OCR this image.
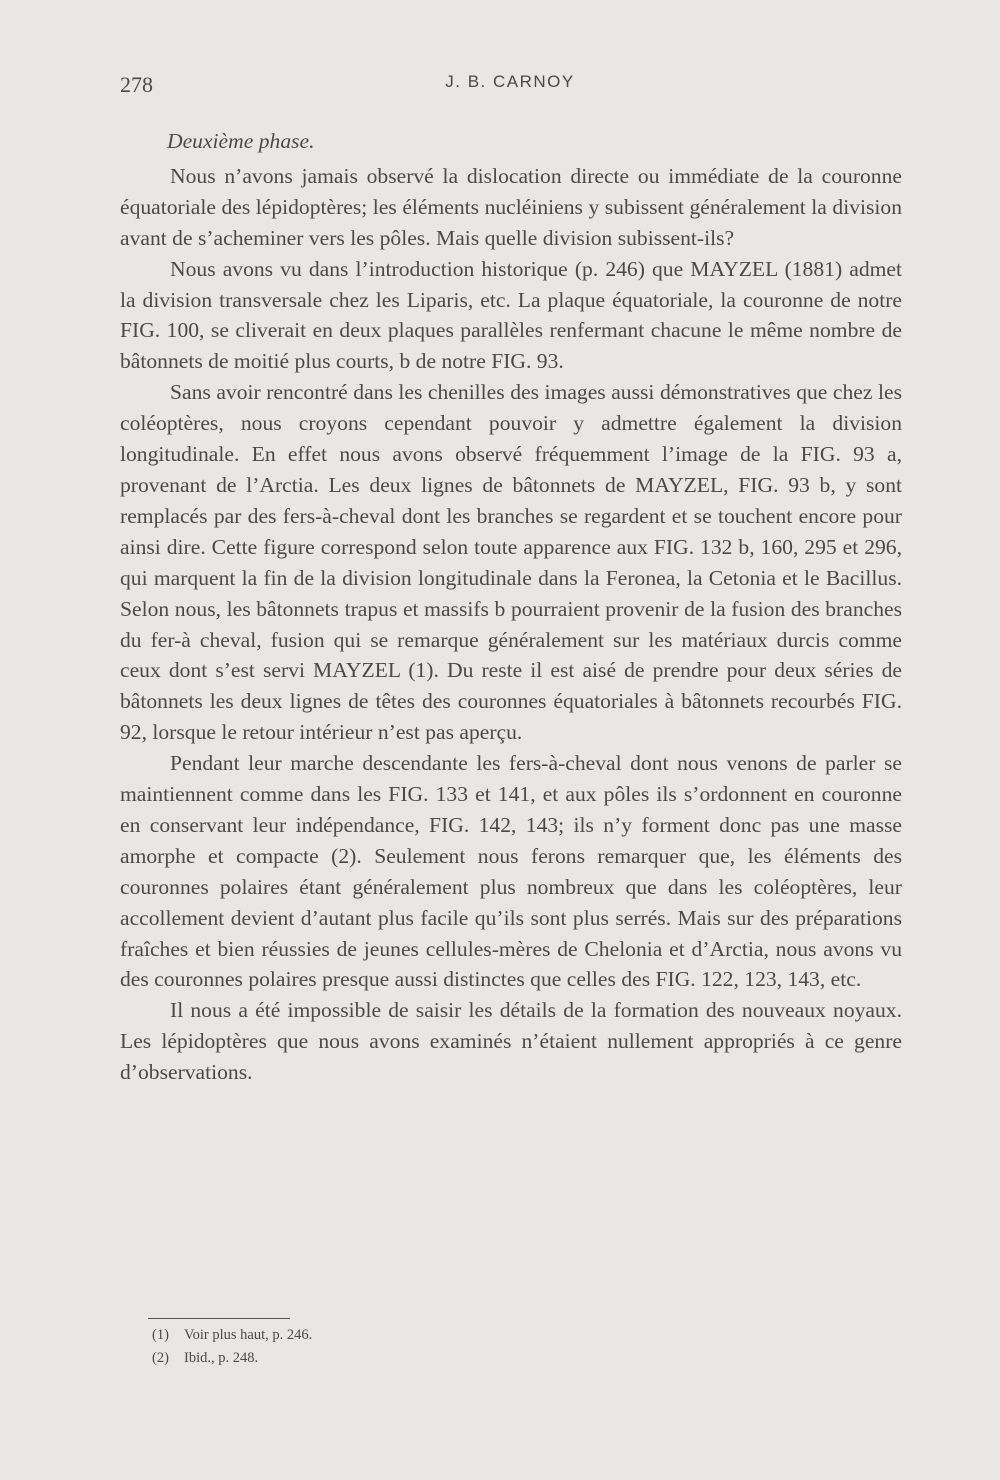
278	J. B. CARNOY

Deuxième phase.

Nous n’avons jamais observé la dislocation directe ou immédiate de la couronne équatoriale des lépidoptères; les éléments nucléiniens y subissent généralement la division avant de s’acheminer vers les pôles. Mais quelle division subissent-ils?

Nous avons vu dans l’introduction historique (p. 246) que MAYZEL (1881) admet la division transversale chez les Liparis, etc. La plaque équatoriale, la couronne de notre FIG. 100, se cliverait en deux plaques parallèles renfermant chacune le même nombre de bâtonnets de moitié plus courts, b de notre FIG. 93.

Sans avoir rencontré dans les chenilles des images aussi démonstratives que chez les coléoptères, nous croyons cependant pouvoir y admettre également la division longitudinale. En effet nous avons observé fréquemment l’image de la FIG. 93 a, provenant de l’Arctia. Les deux lignes de bâtonnets de MAYZEL, FIG. 93 b, y sont remplacés par des fers-à-cheval dont les branches se regardent et se touchent encore pour ainsi dire. Cette figure correspond selon toute apparence aux FIG. 132 b, 160, 295 et 296, qui marquent la fin de la division longitudinale dans la Feronea, la Cetonia et le Bacillus. Selon nous, les bâtonnets trapus et massifs b pourraient provenir de la fusion des branches du fer-à cheval, fusion qui se remarque généralement sur les matériaux durcis comme ceux dont s’est servi MAYZEL (1). Du reste il est aisé de prendre pour deux séries de bâtonnets les deux lignes de têtes des couronnes équatoriales à bâtonnets recourbés FIG. 92, lorsque le retour intérieur n’est pas aperçu.

Pendant leur marche descendante les fers-à-cheval dont nous venons de parler se maintiennent comme dans les FIG. 133 et 141, et aux pôles ils s’ordonnent en couronne en conservant leur indépendance, FIG. 142, 143; ils n’y forment donc pas une masse amorphe et compacte (2). Seulement nous ferons remarquer que, les éléments des couronnes polaires étant généralement plus nombreux que dans les coléoptères, leur accollement devient d’autant plus facile qu’ils sont plus serrés. Mais sur des préparations fraîches et bien réussies de jeunes cellules-mères de Chelonia et d’Arctia, nous avons vu des couronnes polaires presque aussi distinctes que celles des FIG. 122, 123, 143, etc.

Il nous a été impossible de saisir les détails de la formation des nouveaux noyaux. Les lépidoptères que nous avons examinés n’étaient nullement appropriés à ce genre d’observations.

(1) Voir plus haut, p. 246.
(2) Ibid., p. 248.
